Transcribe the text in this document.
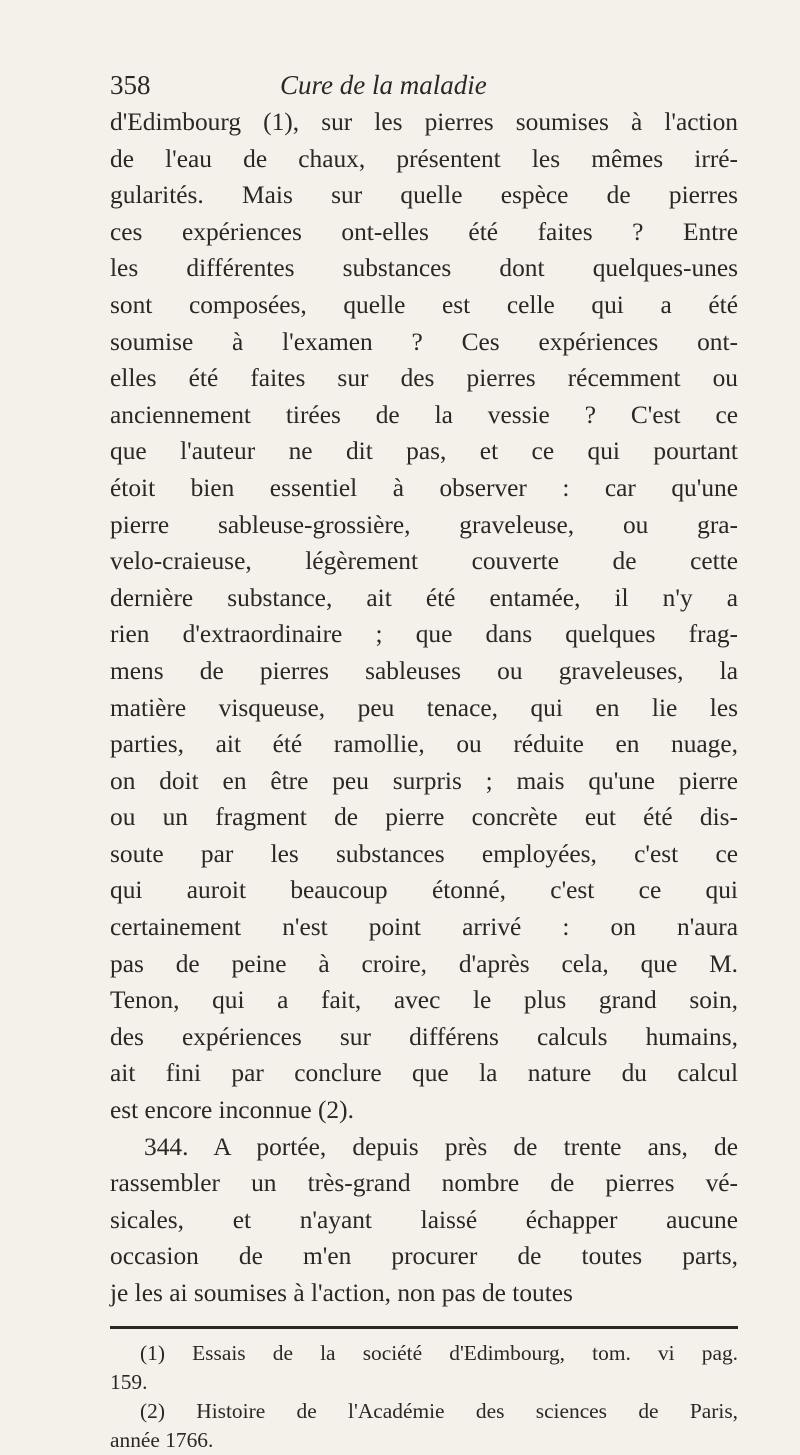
358	Cure de la maladie

d'Edimbourg (1), sur les pierres soumises à l'action

de l'eau de chaux, présentent les mêmes irré-

gularités. Mais sur quelle espèce de pierres

ces expériences ont-elles été faites ? Entre

les différentes substances dont quelques-unes

sont composées, quelle est celle qui a été

soumise à l'examen ? Ces expériences ont-

elles été faites sur des pierres récemment ou

anciennement tirées de la vessie ? C'est ce

que l'auteur ne dit pas, et ce qui pourtant

étoit bien essentiel à observer : car qu'une

pierre sableuse-grossière, graveleuse, ou gra-

velo-craieuse, légèrement couverte de cette

dernière substance, ait été entamée, il n'y a

rien d'extraordinaire ; que dans quelques frag-

mens de pierres sableuses ou graveleuses, la

matière visqueuse, peu tenace, qui en lie les

parties, ait été ramollie, ou réduite en nuage,

on doit en être peu surpris ; mais qu'une pierre

ou un fragment de pierre concrète eut été dis-

soute par les substances employées, c'est ce

qui auroit beaucoup étonné, c'est ce qui

certainement n'est point arrivé : on n'aura

pas de peine à croire, d'après cela, que M.

Tenon, qui a fait, avec le plus grand soin,

des expériences sur différens calculs humains,

ait fini par conclure que la nature du calcul

est encore inconnue (2).

344. A portée, depuis près de trente ans, de

rassembler un très-grand nombre de pierres vé-

sicales, et n'ayant laissé échapper aucune

occasion de m'en procurer de toutes parts,

je les ai soumises à l'action, non pas de toutes

(1) Essais de la société d'Edimbourg, tom. vi pag.

159.

(2) Histoire de l'Académie des sciences de Paris,

année 1766.
